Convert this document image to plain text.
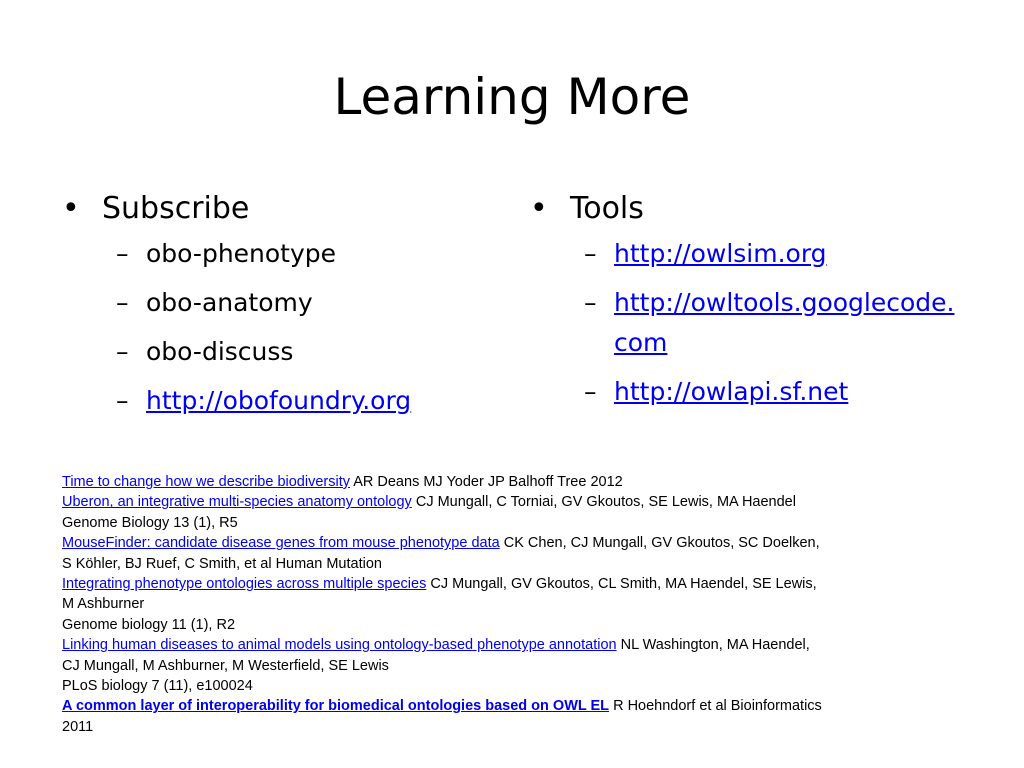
Learning More
• Subscribe
– obo-phenotype
– obo-anatomy
– obo-discuss
– http://obofoundry.org
• Tools
– http://owlsim.org
– http://owltools.googlecode.com
– http://owlapi.sf.net
Time to change how we describe biodiversity AR Deans MJ Yoder JP Balhoff Tree 2012
Uberon, an integrative multi-species anatomy ontology CJ Mungall, C Torniai, GV Gkoutos, SE Lewis, MA Haendel
Genome Biology 13 (1), R5
MouseFinder: candidate disease genes from mouse phenotype data CK Chen, CJ Mungall, GV Gkoutos, SC Doelken,
S Köhler, BJ Ruef, C Smith, et al Human Mutation
Integrating phenotype ontologies across multiple species CJ Mungall, GV Gkoutos, CL Smith, MA Haendel, SE Lewis,
M Ashburner
Genome biology 11 (1), R2
Linking human diseases to animal models using ontology-based phenotype annotation NL Washington, MA Haendel,
CJ Mungall, M Ashburner, M Westerfield, SE Lewis
PLoS biology 7 (11), e100024
A common layer of interoperability for biomedical ontologies based on OWL EL R Hoehndorf et al Bioinformatics
2011
